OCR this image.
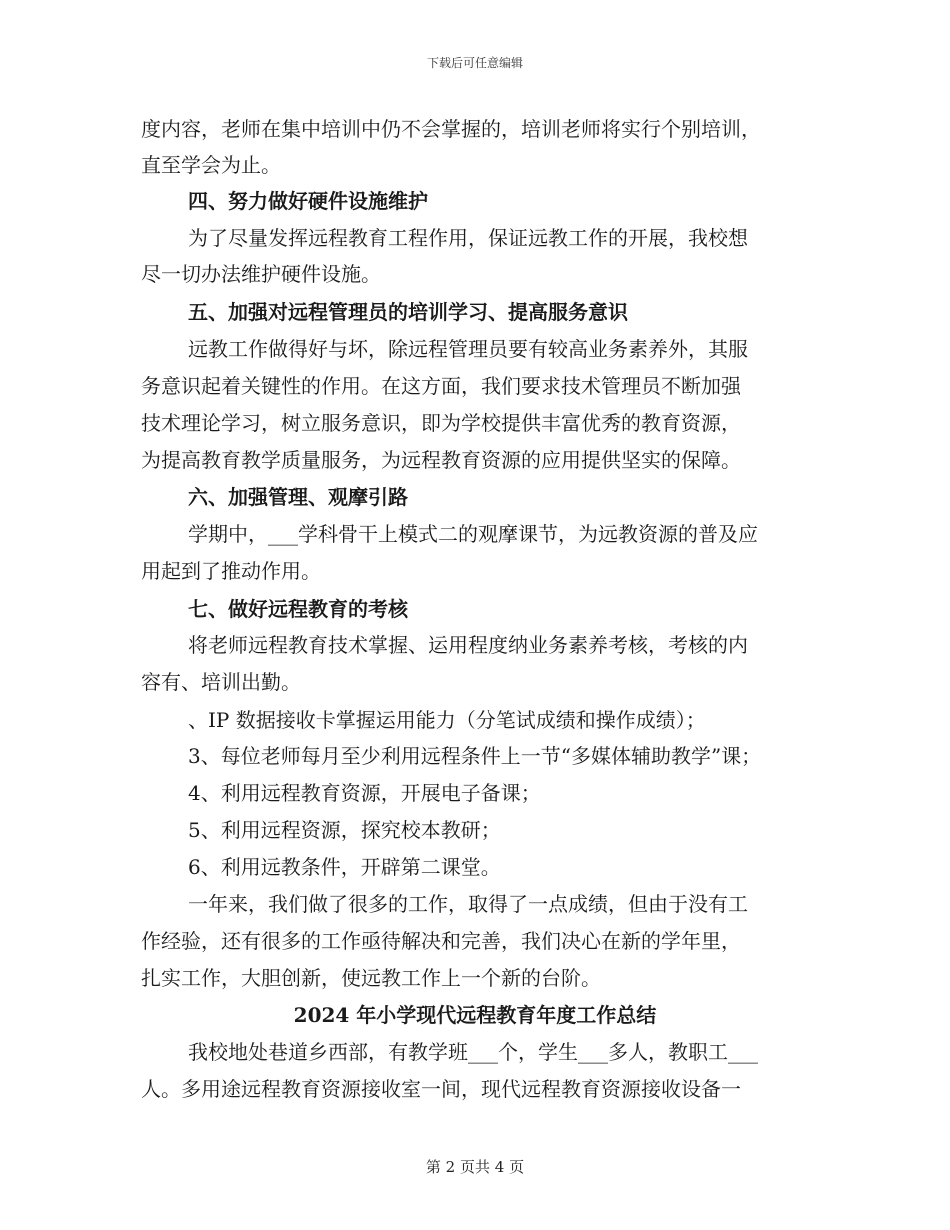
下载后可任意编辑
度内容，老师在集中培训中仍不会掌握的，培训老师将实行个别培训，
直至学会为止。
四、努力做好硬件设施维护
为了尽量发挥远程教育工程作用，保证远教工作的开展，我校想
尽一切办法维护硬件设施。
五、加强对远程管理员的培训学习、提高服务意识
远教工作做得好与坏，除远程管理员要有较高业务素养外，其服
务意识起着关键性的作用。在这方面，我们要求技术管理员不断加强
技术理论学习，树立服务意识，即为学校提供丰富优秀的教育资源，
为提高教育教学质量服务，为远程教育资源的应用提供坚实的保障。
六、加强管理、观摩引路
学期中，___学科骨干上模式二的观摩课节，为远教资源的普及应
用起到了推动作用。
七、做好远程教育的考核
将老师远程教育技术掌握、运用程度纳业务素养考核，考核的内
容有、培训出勤。
、IP 数据接收卡掌握运用能力（分笔试成绩和操作成绩）；
3、每位老师每月至少利用远程条件上一节“多媒体辅助教学”课；
4、利用远程教育资源，开展电子备课；
5、利用远程资源，探究校本教研；
6、利用远教条件，开辟第二课堂。
一年来，我们做了很多的工作，取得了一点成绩，但由于没有工
作经验，还有很多的工作亟待解决和完善，我们决心在新的学年里，
扎实工作，大胆创新，使远教工作上一个新的台阶。
2024 年小学现代远程教育年度工作总结
我校地处巷道乡西部，有教学班___个，学生___多人，教职工___
人。多用途远程教育资源接收室一间，现代远程教育资源接收设备一
第 2 页共 4 页
